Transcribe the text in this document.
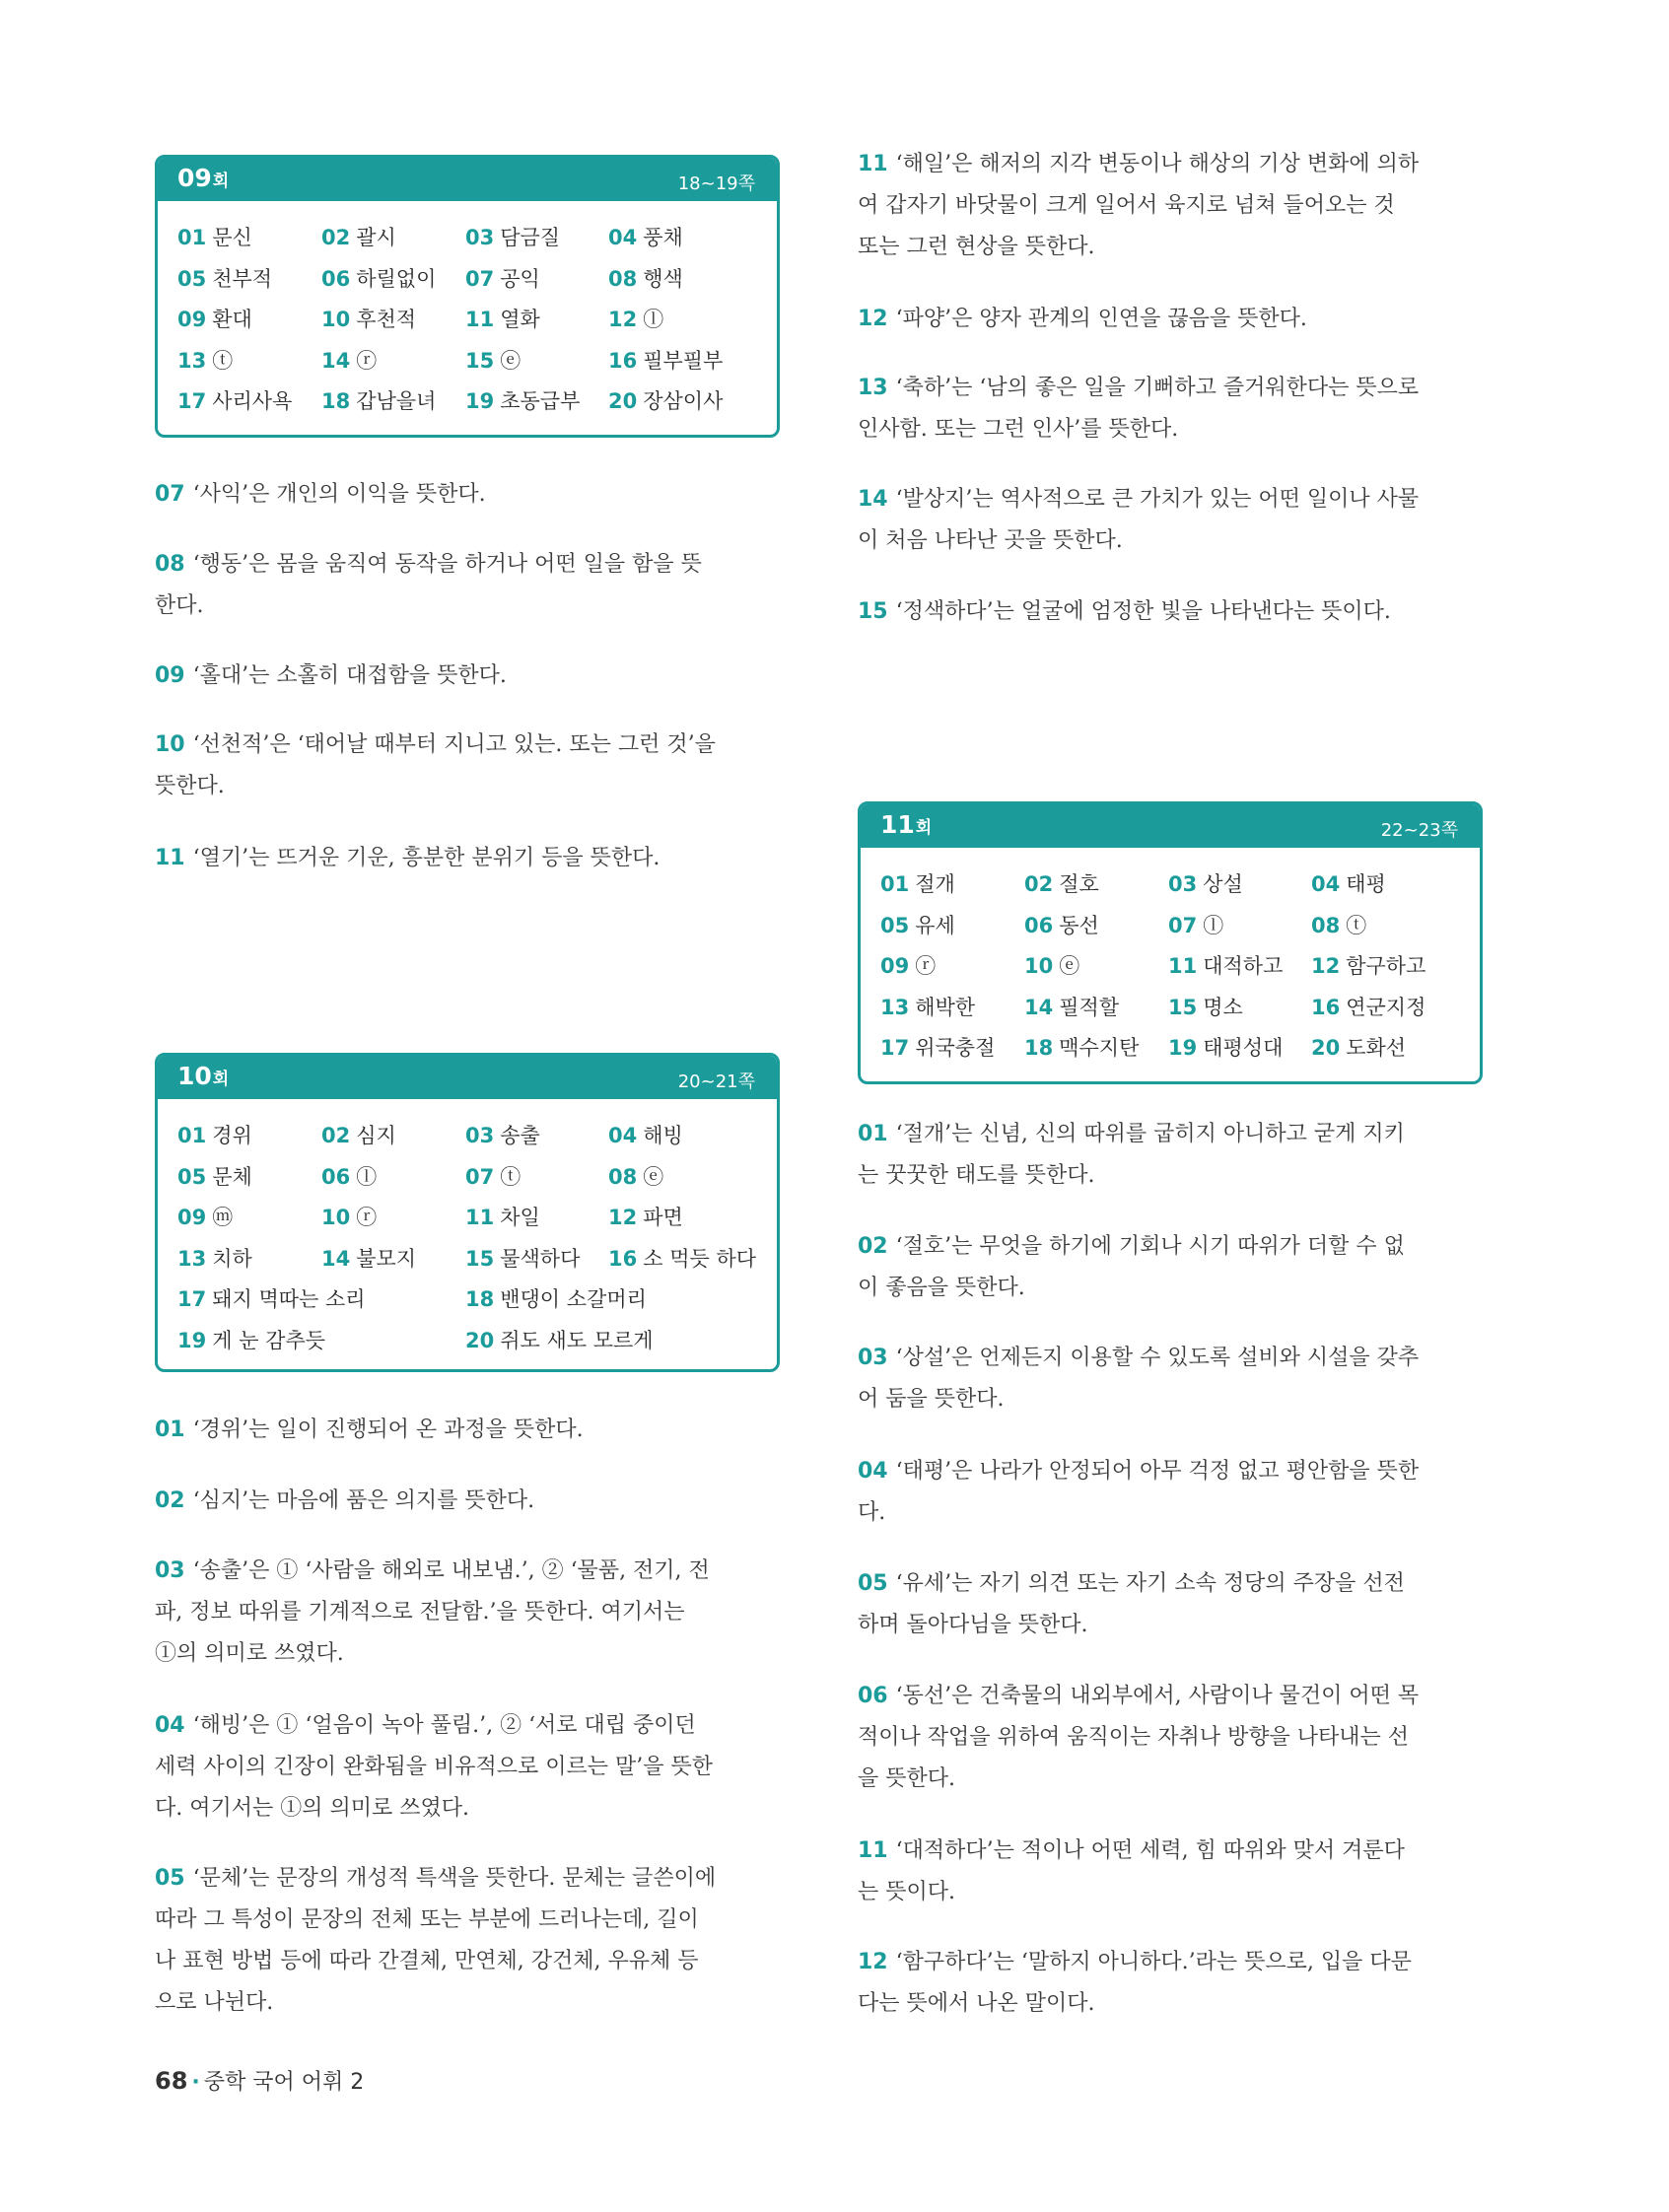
09회	18~19쪽
01 문신	02 괄시	03 담금질 04 풍채
05 천부적 06 하릴없이 07 공익	08 행색
09 환대	10 후천적 11 열화	12 ⓛ
13 ⓣ	14 ⓡ	15 ⓔ	16 필부필부
17 사리사욕 18 갑남을녀 19 초동급부 20 장삼이사
07 ‘사익’은 개인의 이익을 뜻한다.
08 ‘행동’은 몸을 움직여 동작을 하거나 어떤 일을 함을 뜻
한다.
09 ‘홀대’는 소홀히 대접함을 뜻한다.
10 ‘선천적’은 ‘태어날 때부터 지니고 있는. 또는 그런 것’을
뜻한다.
11 ‘열기’는 뜨거운 기운, 흥분한 분위기 등을 뜻한다.
10회	20~21쪽
01 경위	02 심지	03 송출	04 해빙
05 문체	06 ⓛ	07 ⓣ	08 ⓔ
09 ⓜ	10 ⓡ	11 차일	12 파면
13 치하	14 불모지 15 물색하다 16 소 먹듯 하다
17 돼지 멱따는 소리	18 밴댕이 소갈머리
19 게 눈 감추듯	20 쥐도 새도 모르게
01 ‘경위’는 일이 진행되어 온 과정을 뜻한다.
02 ‘심지’는 마음에 품은 의지를 뜻한다.
03 ‘송출’은 ① ‘사람을 해외로 내보냄.’, ② ‘물품, 전기, 전
파, 정보 따위를 기계적으로 전달함.’을 뜻한다. 여기서는
①의 의미로 쓰였다.
04 ‘해빙’은 ① ‘얼음이 녹아 풀림.’, ② ‘서로 대립 중이던
세력 사이의 긴장이 완화됨을 비유적으로 이르는 말’을 뜻한
다. 여기서는 ①의 의미로 쓰였다.
05 ‘문체’는 문장의 개성적 특색을 뜻한다. 문체는 글쓴이에
따라 그 특성이 문장의 전체 또는 부분에 드러나는데, 길이
나 표현 방법 등에 따라 간결체, 만연체, 강건체, 우유체 등
으로 나뉜다.
11 ‘해일’은 해저의 지각 변동이나 해상의 기상 변화에 의하
여 갑자기 바닷물이 크게 일어서 육지로 넘쳐 들어오는 것
또는 그런 현상을 뜻한다.
12 ‘파양’은 양자 관계의 인연을 끊음을 뜻한다.
13 ‘축하’는 ‘남의 좋은 일을 기뻐하고 즐거워한다는 뜻으로
인사함. 또는 그런 인사’를 뜻한다.
14 ‘발상지’는 역사적으로 큰 가치가 있는 어떤 일이나 사물
이 처음 나타난 곳을 뜻한다.
15 ‘정색하다’는 얼굴에 엄정한 빛을 나타낸다는 뜻이다.
11회	22~23쪽
01 절개	02 절호	03 상설	04 태평
05 유세	06 동선	07 ⓛ	08 ⓣ
09 ⓡ	10 ⓔ	11 대적하고 12 함구하고
13 해박한 14 필적할 15 명소	16 연군지정
17 위국충절 18 맥수지탄 19 태평성대 20 도화선
01 ‘절개’는 신념, 신의 따위를 굽히지 아니하고 굳게 지키
는 꿋꿋한 태도를 뜻한다.
02 ‘절호’는 무엇을 하기에 기회나 시기 따위가 더할 수 없
이 좋음을 뜻한다.
03 ‘상설’은 언제든지 이용할 수 있도록 설비와 시설을 갖추
어 둠을 뜻한다.
04 ‘태평’은 나라가 안정되어 아무 걱정 없고 평안함을 뜻한
다.
05 ‘유세’는 자기 의견 또는 자기 소속 정당의 주장을 선전
하며 돌아다님을 뜻한다.
06 ‘동선’은 건축물의 내외부에서, 사람이나 물건이 어떤 목
적이나 작업을 위하여 움직이는 자취나 방향을 나타내는 선
을 뜻한다.
11 ‘대적하다’는 적이나 어떤 세력, 힘 따위와 맞서 겨룬다
는 뜻이다.
12 ‘함구하다’는 ‘말하지 아니하다.’라는 뜻으로, 입을 다문
다는 뜻에서 나온 말이다.
68 · 중학 국어 어휘 2
